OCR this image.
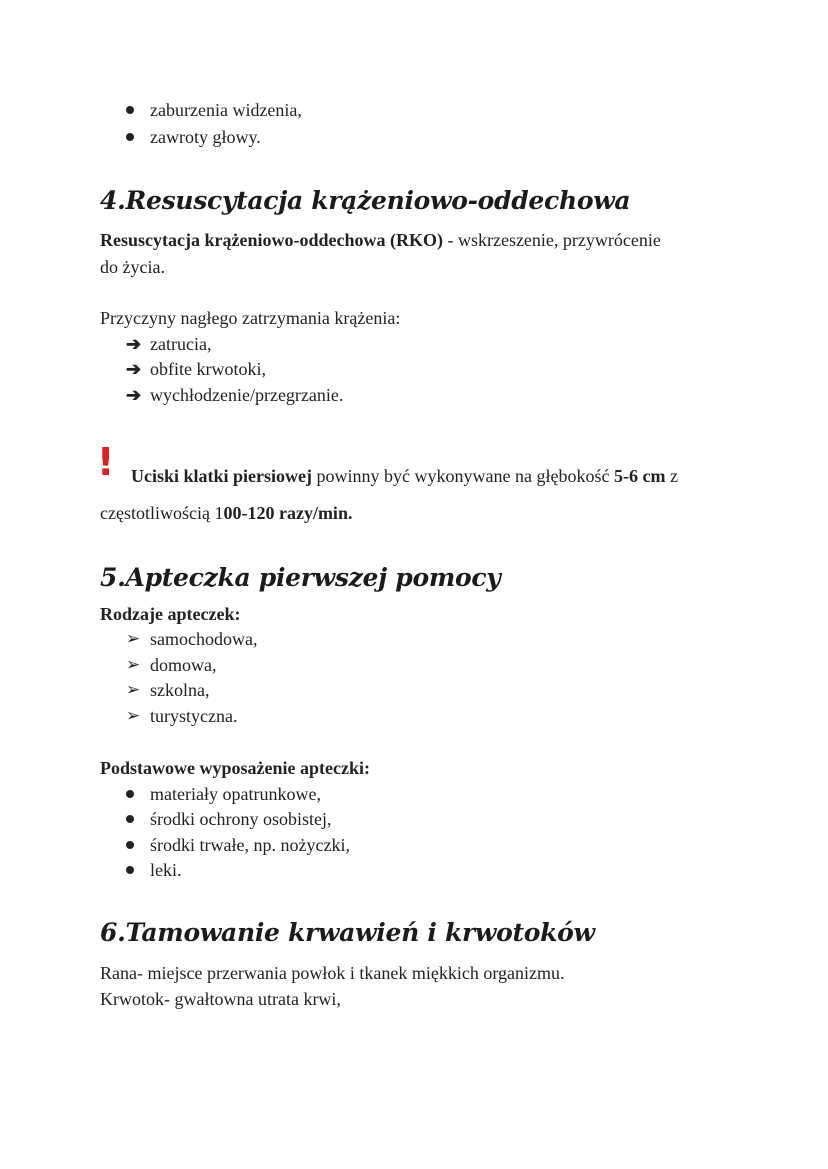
zaburzenia widzenia,
zawroty głowy.
4.Resuscytacja krążeniowo-oddechowa
Resuscytacja krążeniowo-oddechowa (RKO) - wskrzeszenie, przywrócenie
do życia.
Przyczyny nagłego zatrzymania krążenia:
➔ zatrucia,
➔ obfite krwotoki,
➔ wychłodzenie/przegrzanie.
! Uciski klatki piersiowej powinny być wykonywane na głębokość 5-6 cm z
częstotliwością 100-120 razy/min.
5.Apteczka pierwszej pomocy
Rodzaje apteczek:
➢ samochodowa,
➢ domowa,
➢ szkolna,
➢ turystyczna.
Podstawowe wyposażenie apteczki:
materiały opatrunkowe,
środki ochrony osobistej,
środki trwałe, np. nożyczki,
leki.
6.Tamowanie krwawień i krwotoków
Rana- miejsce przerwania powłok i tkanek miękkich organizmu.
Krwotok- gwałtowna utrata krwi,
